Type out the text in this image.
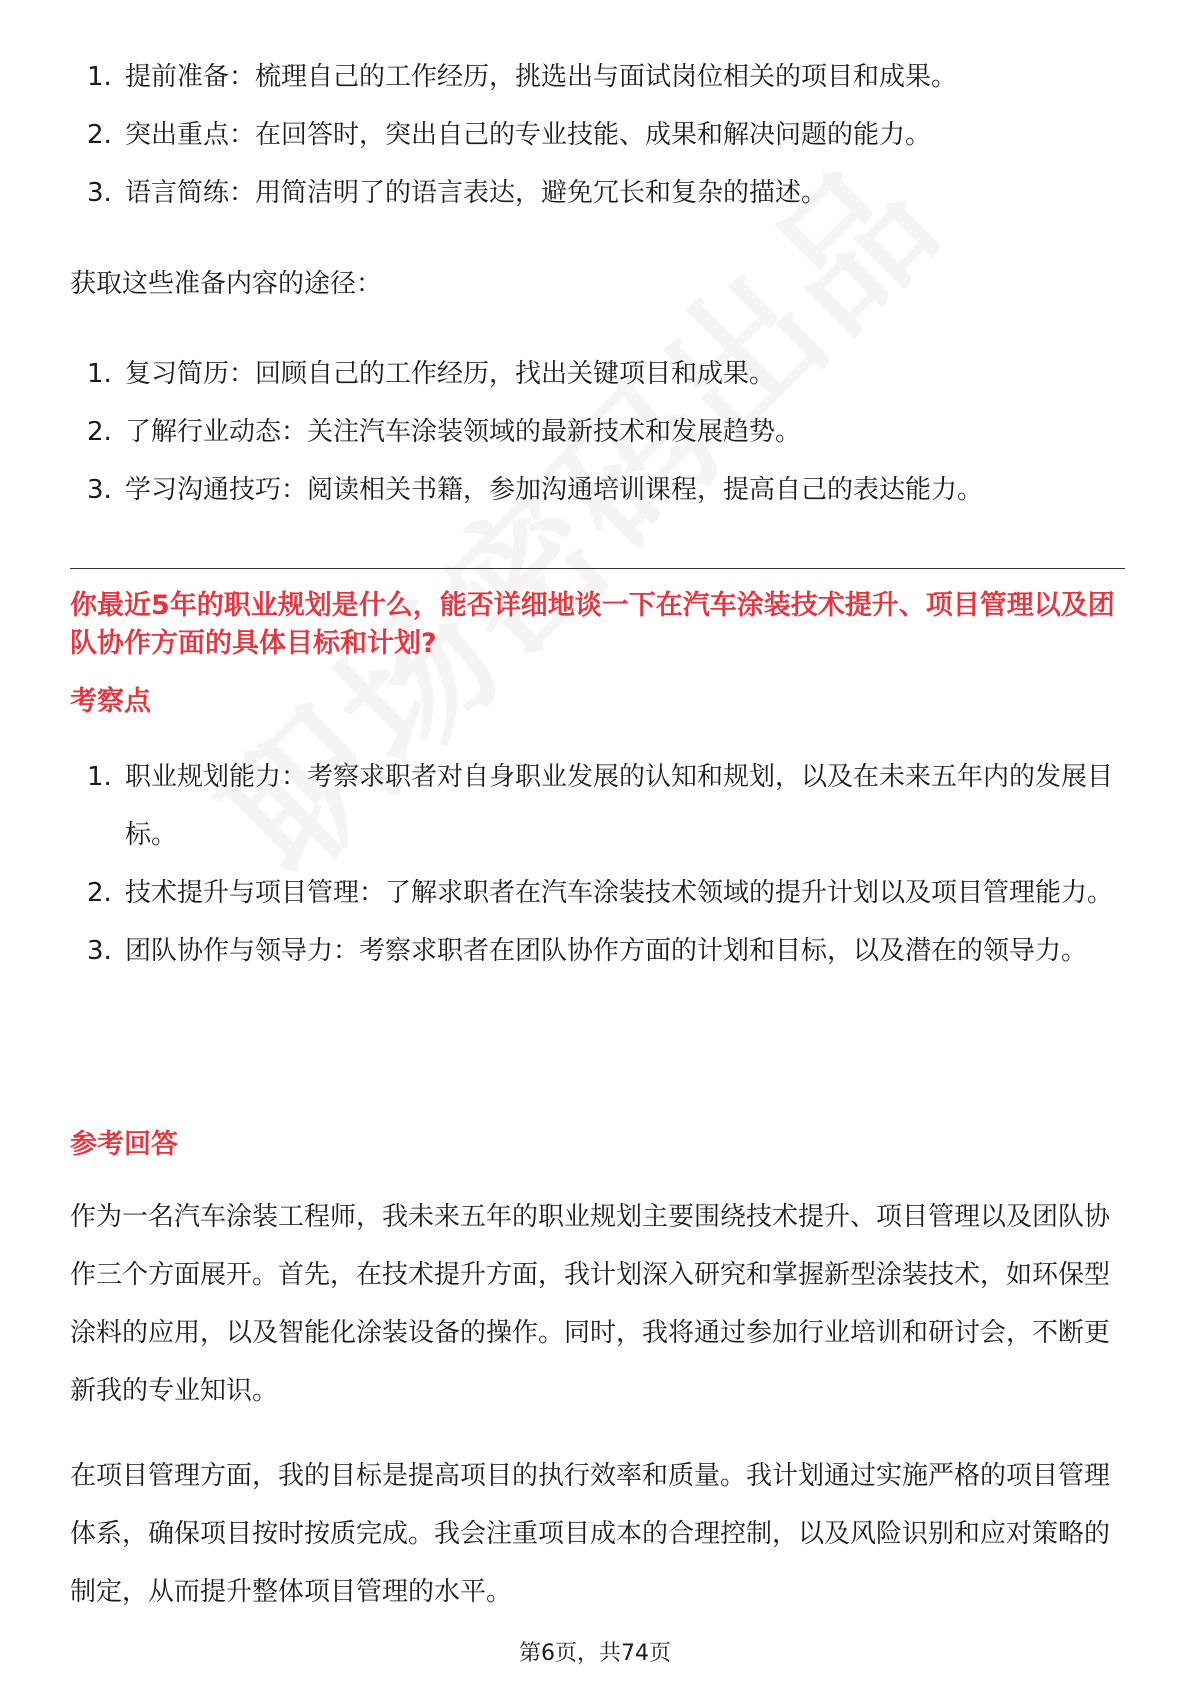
1. 提前准备：梳理自己的工作经历，挑选出与面试岗位相关的项目和成果。
2. 突出重点：在回答时，突出自己的专业技能、成果和解决问题的能力。
3. 语言简练：用简洁明了的语言表达，避免冗长和复杂的描述。

获取这些准备内容的途径：

1. 复习简历：回顾自己的工作经历，找出关键项目和成果。
2. 了解行业动态：关注汽车涂装领域的最新技术和发展趋势。
3. 学习沟通技巧：阅读相关书籍，参加沟通培训课程，提高自己的表达能力。

你最近5年的职业规划是什么，能否详细地谈一下在汽车涂装技术提升、项目管理以及团队协作方面的具体目标和计划?

考察点

1. 职业规划能力：考察求职者对自身职业发展的认知和规划，以及在未来五年内的发展目标。
2. 技术提升与项目管理：了解求职者在汽车涂装技术领域的提升计划以及项目管理能力。
3. 团队协作与领导力：考察求职者在团队协作方面的计划和目标，以及潜在的领导力。

参考回答

作为一名汽车涂装工程师，我未来五年的职业规划主要围绕技术提升、项目管理以及团队协作三个方面展开。首先，在技术提升方面，我计划深入研究和掌握新型涂装技术，如环保型涂料的应用，以及智能化涂装设备的操作。同时，我将通过参加行业培训和研讨会，不断更新我的专业知识。

在项目管理方面，我的目标是提高项目的执行效率和质量。我计划通过实施严格的项目管理体系，确保项目按时按质完成。我会注重项目成本的合理控制，以及风险识别和应对策略的制定，从而提升整体项目管理的水平。

第6页，共74页
